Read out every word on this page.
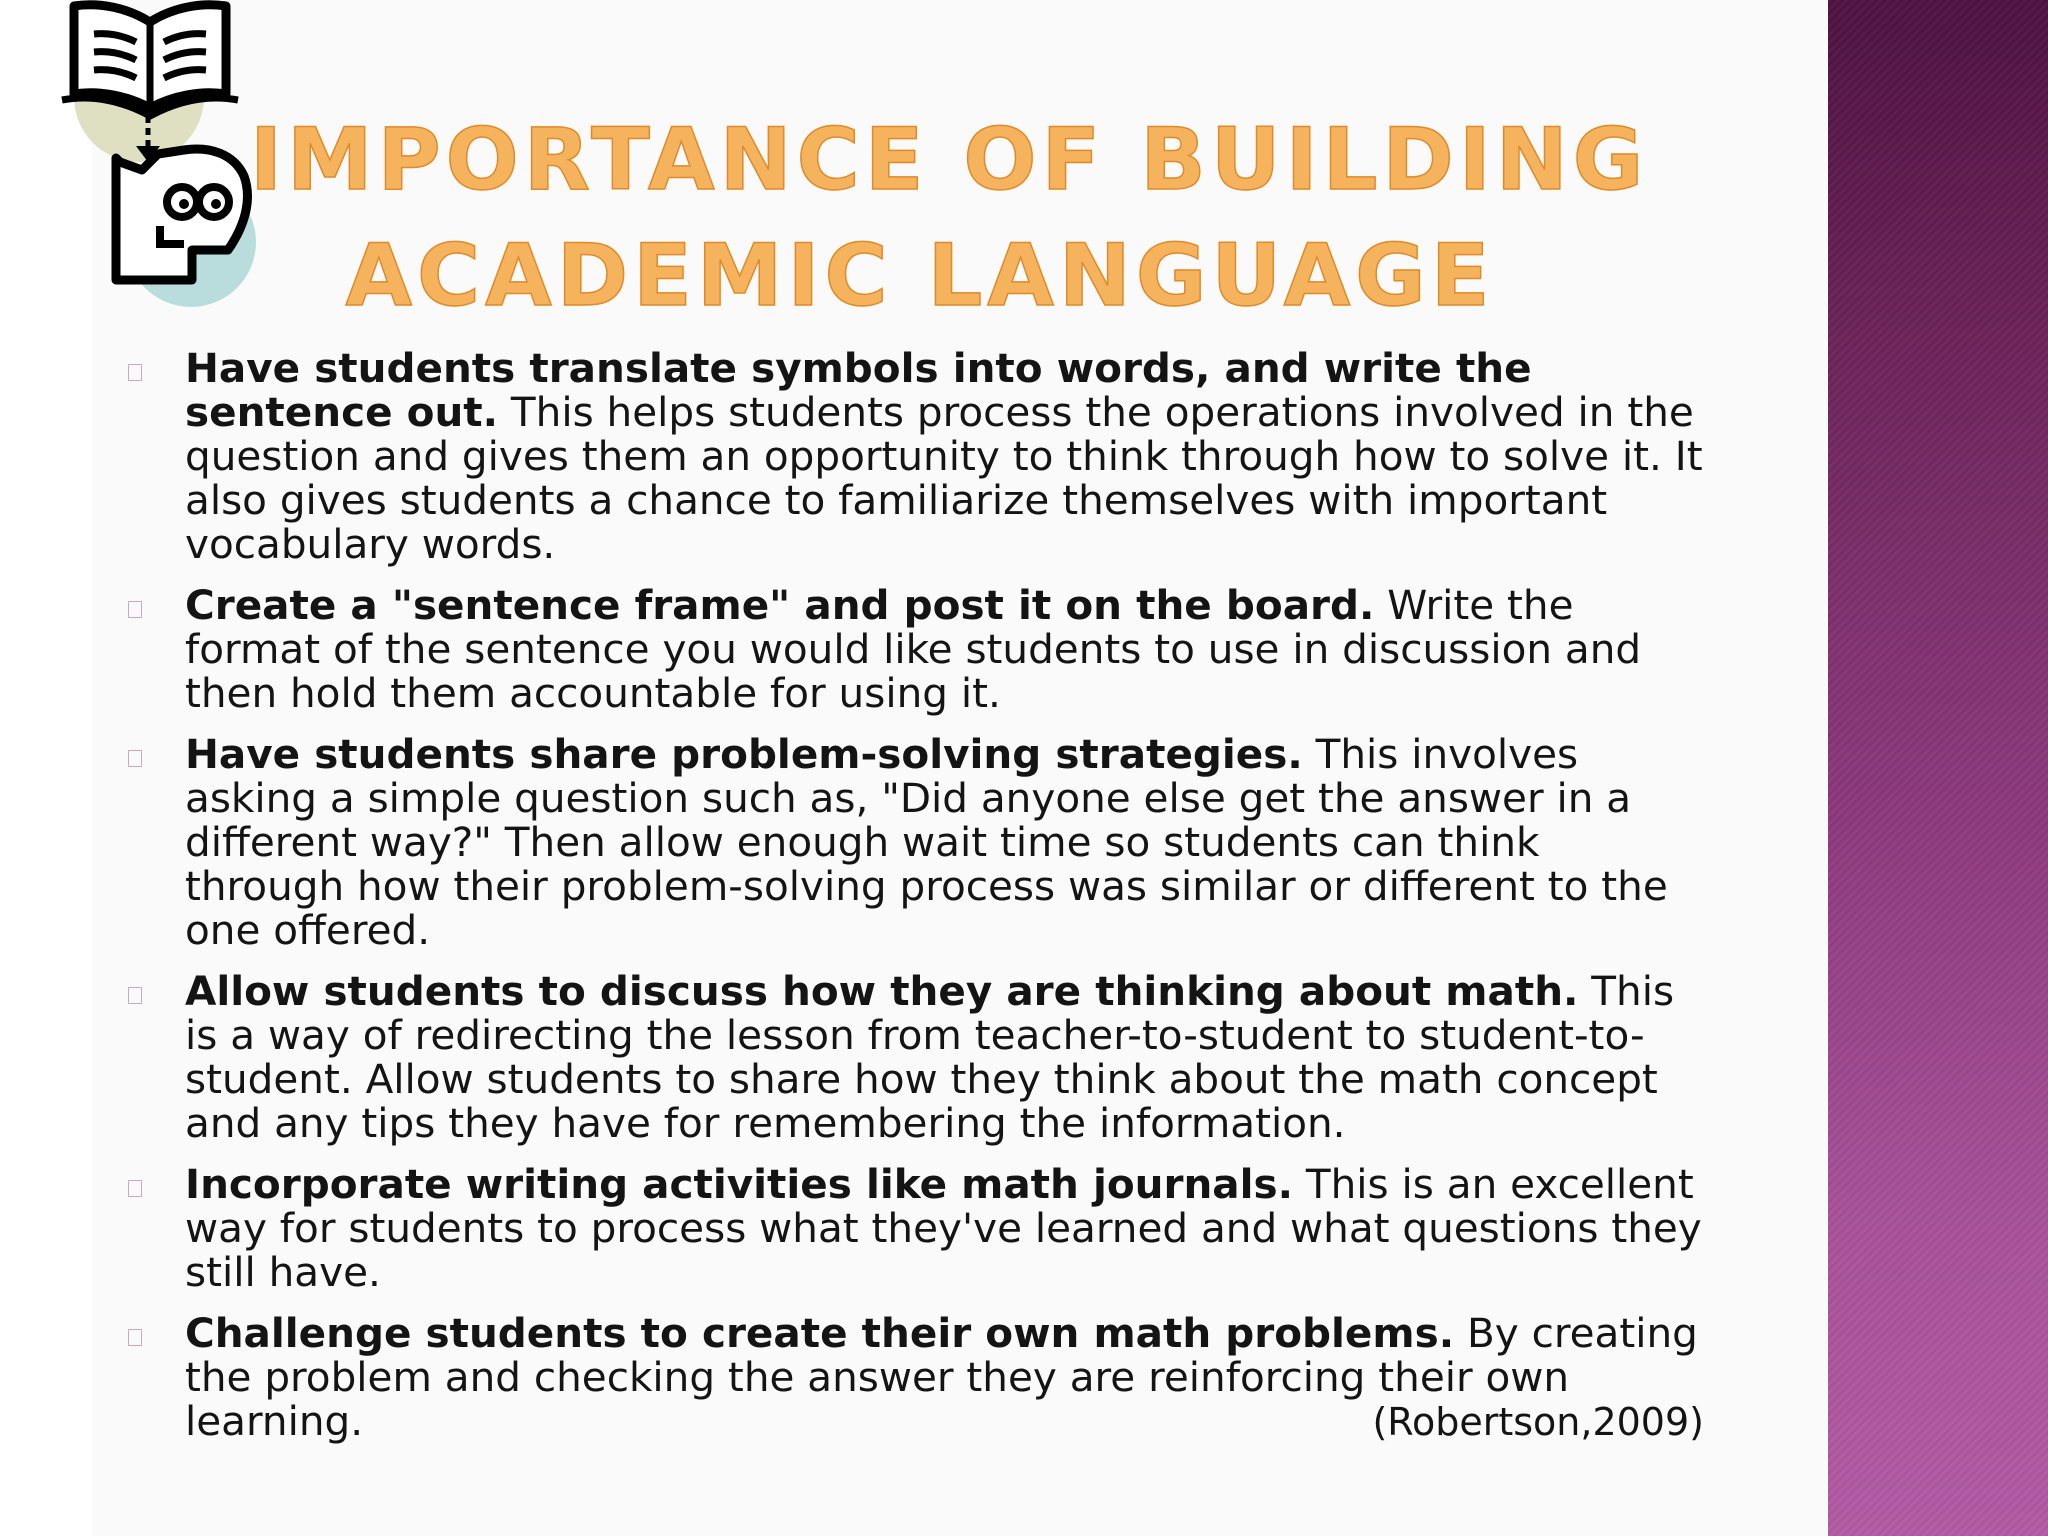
IMPORTANCE OF BUILDING
ACADEMIC LANGUAGE
Have students translate symbols into words, and write the sentence out. This helps students process the operations involved in the question and gives them an opportunity to think through how to solve it. It also gives students a chance to familiarize themselves with important vocabulary words.
Create a "sentence frame" and post it on the board. Write the format of the sentence you would like students to use in discussion and then hold them accountable for using it.
Have students share problem-solving strategies. This involves asking a simple question such as, "Did anyone else get the answer in a different way?" Then allow enough wait time so students can think through how their problem-solving process was similar or different to the one offered.
Allow students to discuss how they are thinking about math. This is a way of redirecting the lesson from teacher-to-student to student-to-student. Allow students to share how they think about the math concept and any tips they have for remembering the information.
Incorporate writing activities like math journals. This is an excellent way for students to process what they've learned and what questions they still have.
Challenge students to create their own math problems. By creating the problem and checking the answer they are reinforcing their own learning.	(Robertson,2009)
